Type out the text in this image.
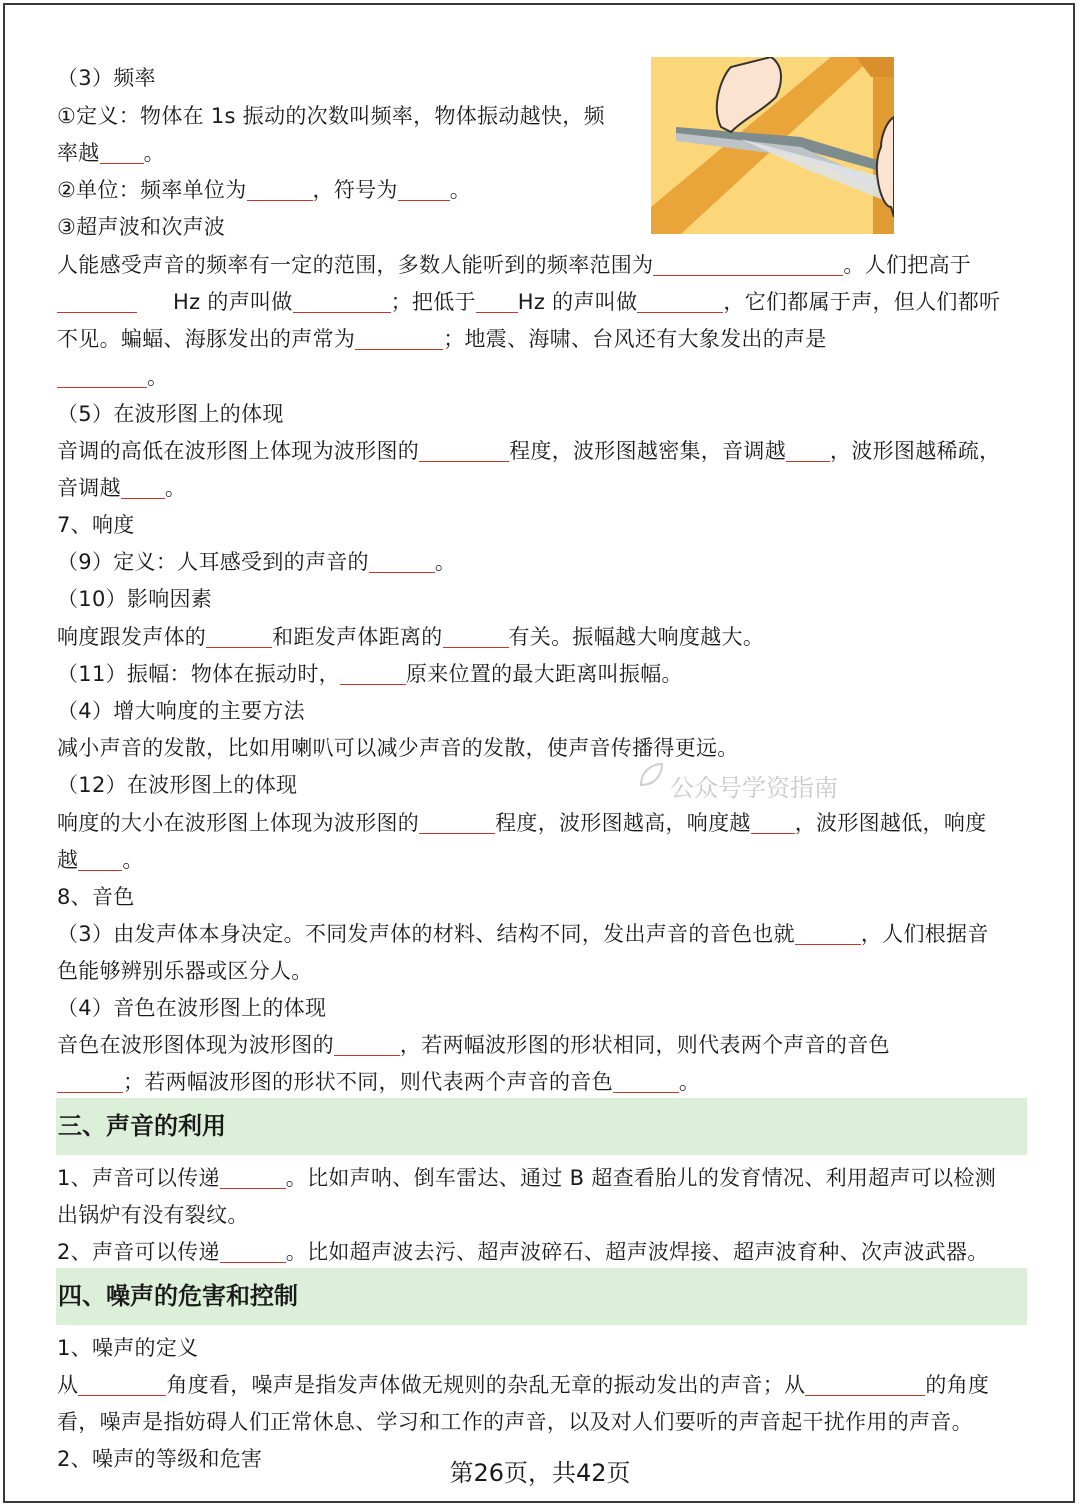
（3）频率
①定义：物体在 1s 振动的次数叫频率，物体振动越快，频
率越 。
②单位：频率单位为	，符号为 。
③超声波和次声波
人能感受声音的频率有一定的范围，多数人能听到的频率范围为	。人们把高于
Hz 的声叫做	；把低于 Hz 的声叫做	，它们都属于声，但人们都听
不见。蝙蝠、海豚发出的声常为	；地震、海啸、台风还有大象发出的声是
。
（5）在波形图上的体现
音调的高低在波形图上体现为波形图的	程度，波形图越密集，音调越 ，波形图越稀疏，
音调越 。
7、响度
（9）定义：人耳感受到的声音的	。
（10）影响因素
响度跟发声体的	和距发声体距离的	有关。振幅越大响度越大。
（11）振幅：物体在振动时，	原来位置的最大距离叫振幅。
（4）增大响度的主要方法
减小声音的发散，比如用喇叭可以减少声音的发散，使声音传播得更远。
（12）在波形图上的体现
响度的大小在波形图上体现为波形图的	程度，波形图越高，响度越 ，波形图越低，响度
越 。
8、音色
（3）由发声体本身决定。不同发声体的材料、结构不同，发出声音的音色也就	，人们根据音
色能够辨别乐器或区分人。
（4）音色在波形图上的体现
音色在波形图体现为波形图的	，若两幅波形图的形状相同，则代表两个声音的音色
；若两幅波形图的形状不同，则代表两个声音的音色	。
三、声音的利用
1、声音可以传递	。比如声呐、倒车雷达、通过 B 超查看胎儿的发育情况、利用超声可以检测
出锅炉有没有裂纹。
2、声音可以传递	。比如超声波去污、超声波碎石、超声波焊接、超声波育种、次声波武器。
四、噪声的危害和控制
1、噪声的定义
从	角度看，噪声是指发声体做无规则的杂乱无章的振动发出的声音；从	的角度
看，噪声是指妨碍人们正常休息、学习和工作的声音，以及对人们要听的声音起干扰作用的声音。
2、噪声的等级和危害
公众号学资指南
第26页，共42页
